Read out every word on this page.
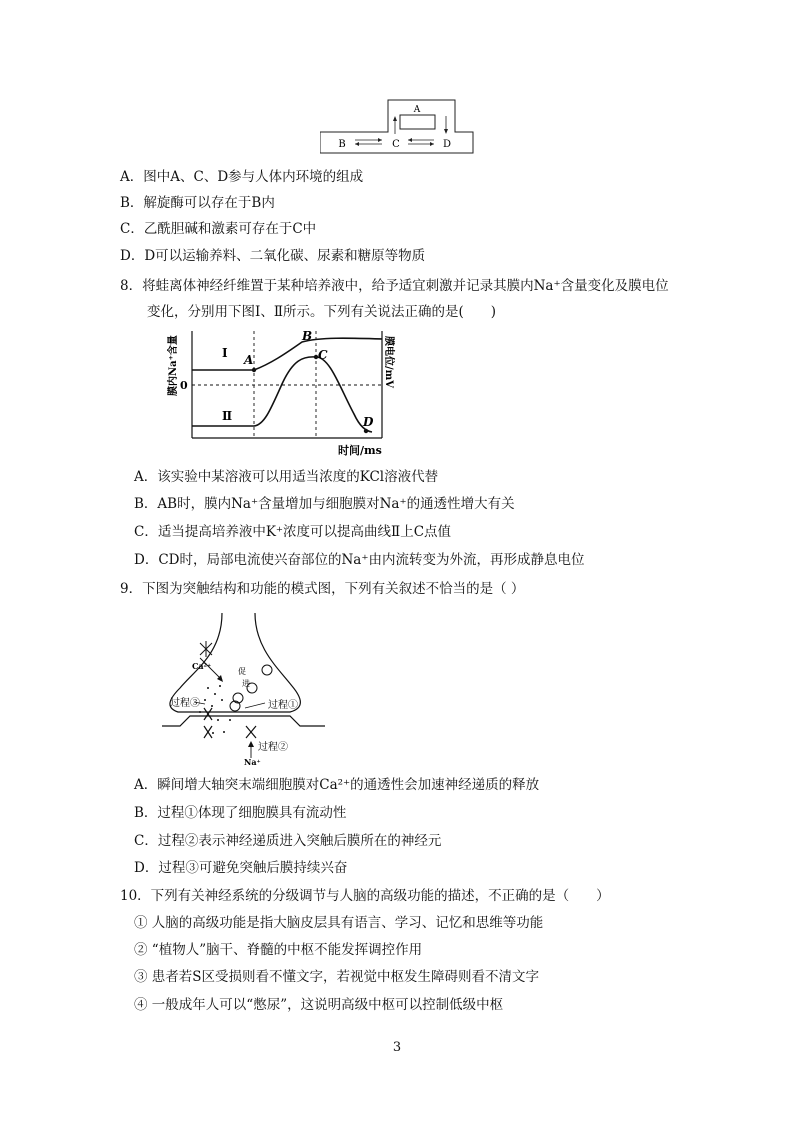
A
B	C	D
A．图中A、C、D参与人体内环境的组成
B．解旋酶可以存在于B内
C．乙酰胆碱和激素可存在于C中
D．D可以运输养料、二氧化碳、尿素和糖原等物质
8．将蛙离体神经纤维置于某种培养液中，给予适宜刺激并记录其膜内Na⁺含量变化及膜电位
变化，分别用下图Ⅰ、Ⅱ所示。下列有关说法正确的是(　　)
A
B
C
D
Ⅰ
Ⅱ
0
时间/ms
膜内Na⁺含量	膜电位/mV
A．该实验中某溶液可以用适当浓度的KCl溶液代替
B．AB时，膜内Na⁺含量增加与细胞膜对Na⁺的通透性增大有关
C．适当提高培养液中K⁺浓度可以提高曲线Ⅱ上C点值
D．CD时，局部电流使兴奋部位的Na⁺由内流转变为外流，再形成静息电位
9．下图为突触结构和功能的模式图，下列有关叙述不恰当的是（ ）
Ca²⁺
促
进
过程①
过程③
过程②
Na⁺
A．瞬间增大轴突末端细胞膜对Ca²⁺的通透性会加速神经递质的释放
B．过程①体现了细胞膜具有流动性
C．过程②表示神经递质进入突触后膜所在的神经元
D．过程③可避免突触后膜持续兴奋
10．下列有关神经系统的分级调节与人脑的高级功能的描述，不正确的是（　　）
① 人脑的高级功能是指大脑皮层具有语言、学习、记忆和思维等功能
② “植物人”脑干、脊髓的中枢不能发挥调控作用
③ 患者若S区受损则看不懂文字，若视觉中枢发生障碍则看不清文字
④ 一般成年人可以“憋尿”，这说明高级中枢可以控制低级中枢
3
